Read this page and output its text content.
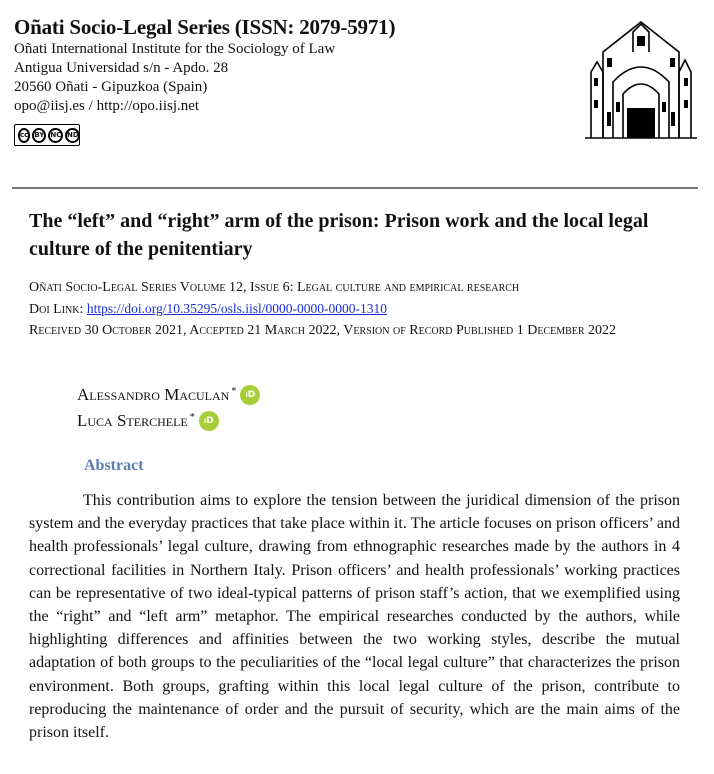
Oñati Socio-Legal Series (ISSN: 2079-5971)

Oñati International Institute for the Sociology of Law

Antigua Universidad s/n - Apdo. 28

20560 Oñati - Gipuzkoa (Spain)

opo@iisj.es / http://opo.iisj.net

cc BY NC ND
The “left” and “right” arm of the prison: Prison work and the local legal culture of the penitentiary

Oñati Socio-Legal Series Volume 12, Issue 6: Legal culture and empirical research

Doi Link: https://doi.org/10.35295/osls.iisl/0000-0000-0000-1310

Received 30 October 2021, Accepted 21 March 2022, Version of Record Published 1 December 2022

Alessandro Maculan*	iD
Luca Sterchele*	iD
Abstract

This contribution aims to explore the tension between the juridical dimension of the prison system and the everyday practices that take place within it. The article focuses on prison officers’ and health professionals’ legal culture, drawing from ethnographic researches made by the authors in 4 correctional facilities in Northern Italy. Prison officers’ and health professionals’ working practices can be representative of two ideal-typical patterns of prison staff’s action, that we exemplified using the “right” and “left arm” metaphor. The empirical researches conducted by the authors, while highlighting differences and affinities between the two working styles, describe the mutual adaptation of both groups to the peculiarities of the “local legal culture” that characterizes the prison environment. Both groups, grafting within this local legal culture of the prison, contribute to reproducing the maintenance of order and the pursuit of security, which are the main aims of the prison itself.
